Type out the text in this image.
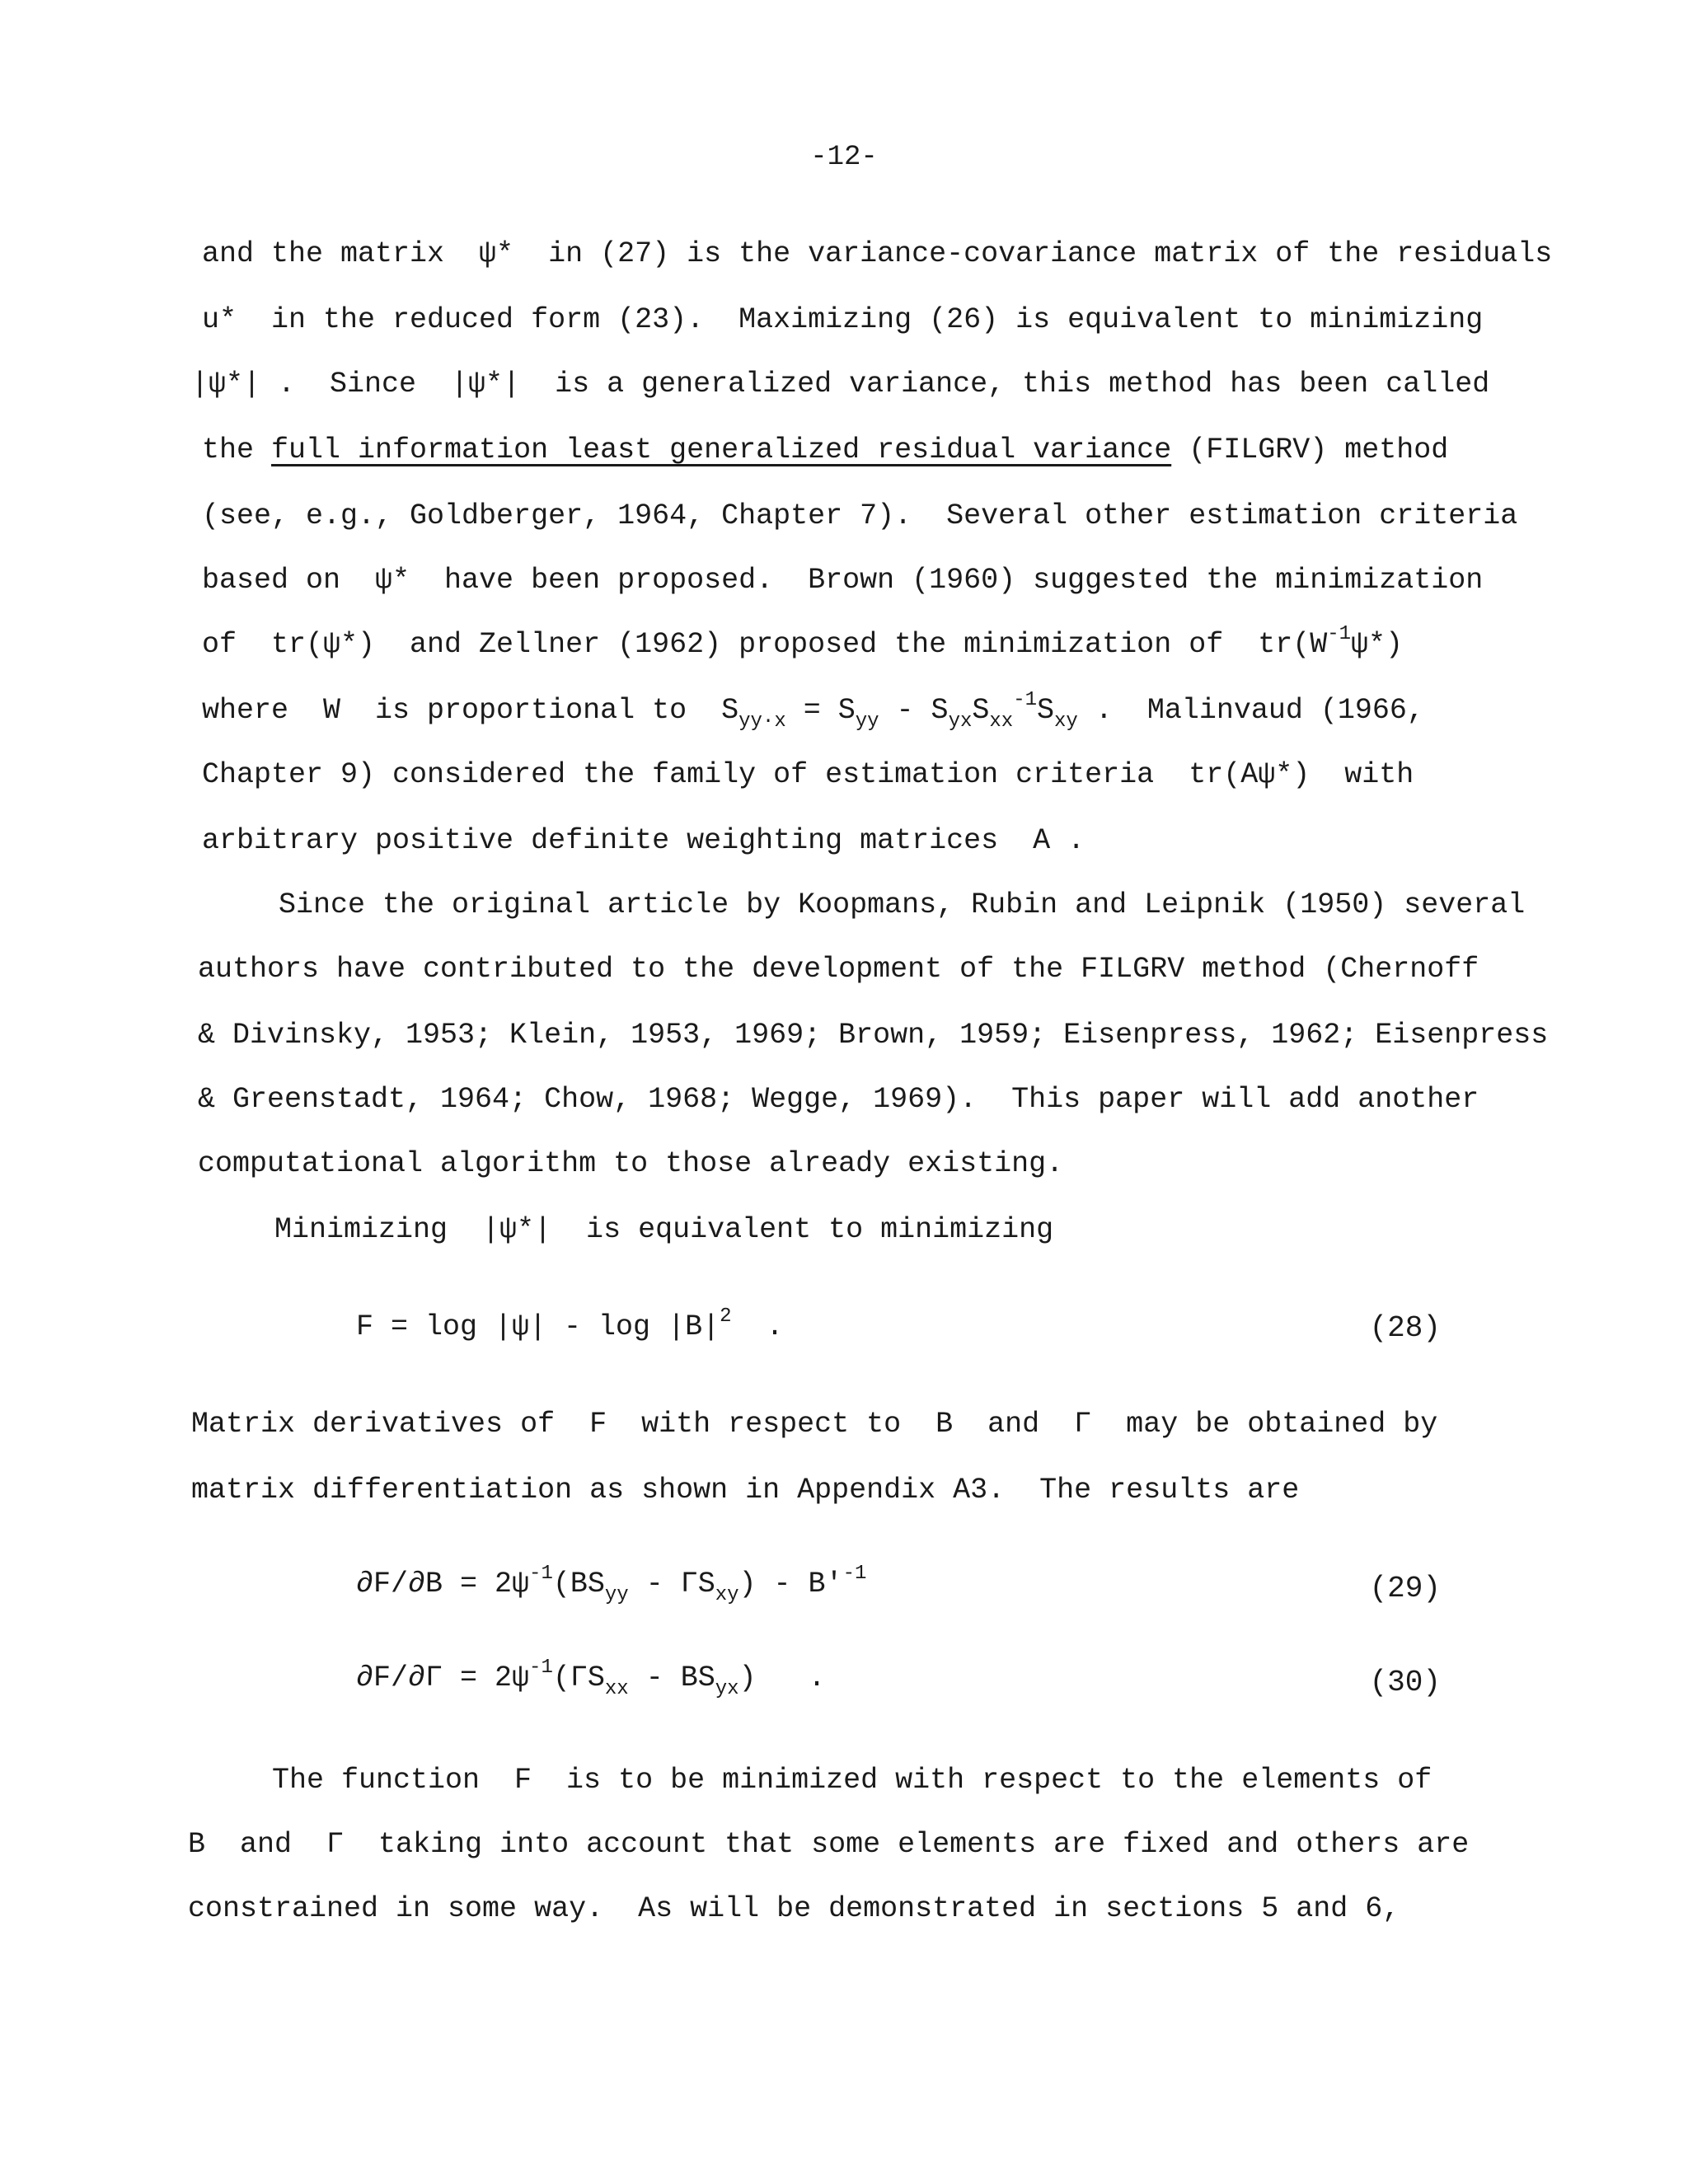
-12-
and the matrix  ψ*  in (27) is the variance-covariance matrix of the residuals
u*  in the reduced form (23).  Maximizing (26) is equivalent to minimizing
|ψ*| .  Since  |ψ*|  is a generalized variance, this method has been called
the full information least generalized residual variance (FILGRV) method
(see, e.g., Goldberger, 1964, Chapter 7).  Several other estimation criteria
based on  ψ*  have been proposed.  Brown (1960) suggested the minimization
of  tr(ψ*)  and Zellner (1962) proposed the minimization of  $tr(W^{-1}\psi*)$
where  W  is proportional to  $S_{yy\cdot x} = S_{yy} - S_{yx}S_{xx}^{-1}S_{xy}$ .  Malinvaud (1966,
Chapter 9) considered the family of estimation criteria  tr(Aψ*)  with
arbitrary positive definite weighting matrices  A .
Since the original article by Koopmans, Rubin and Leipnik (1950) several
authors have contributed to the development of the FILGRV method (Chernoff
& Divinsky, 1953; Klein, 1953, 1969; Brown, 1959; Eisenpress, 1962; Eisenpress
& Greenstadt, 1964; Chow, 1968; Wegge, 1969).  This paper will add another
computational algorithm to those already existing.
Minimizing  |ψ*|  is equivalent to minimizing
$F = \log |\psi| - \log |B|^2$  .	(28)
Matrix derivatives of  F  with respect to  B  and  Γ  may be obtained by
matrix differentiation as shown in Appendix A3.  The results are
$\partial F/\partial B = 2\psi^{-1}(BS_{yy} - \Gamma S_{xy}) - B'^{-1}$	(29)
$\partial F/\partial\Gamma = 2\psi^{-1}(\Gamma S_{xx} - BS_{yx})$   .	(30)
The function  F  is to be minimized with respect to the elements of
B  and  Γ  taking into account that some elements are fixed and others are
constrained in some way.  As will be demonstrated in sections 5 and 6,
